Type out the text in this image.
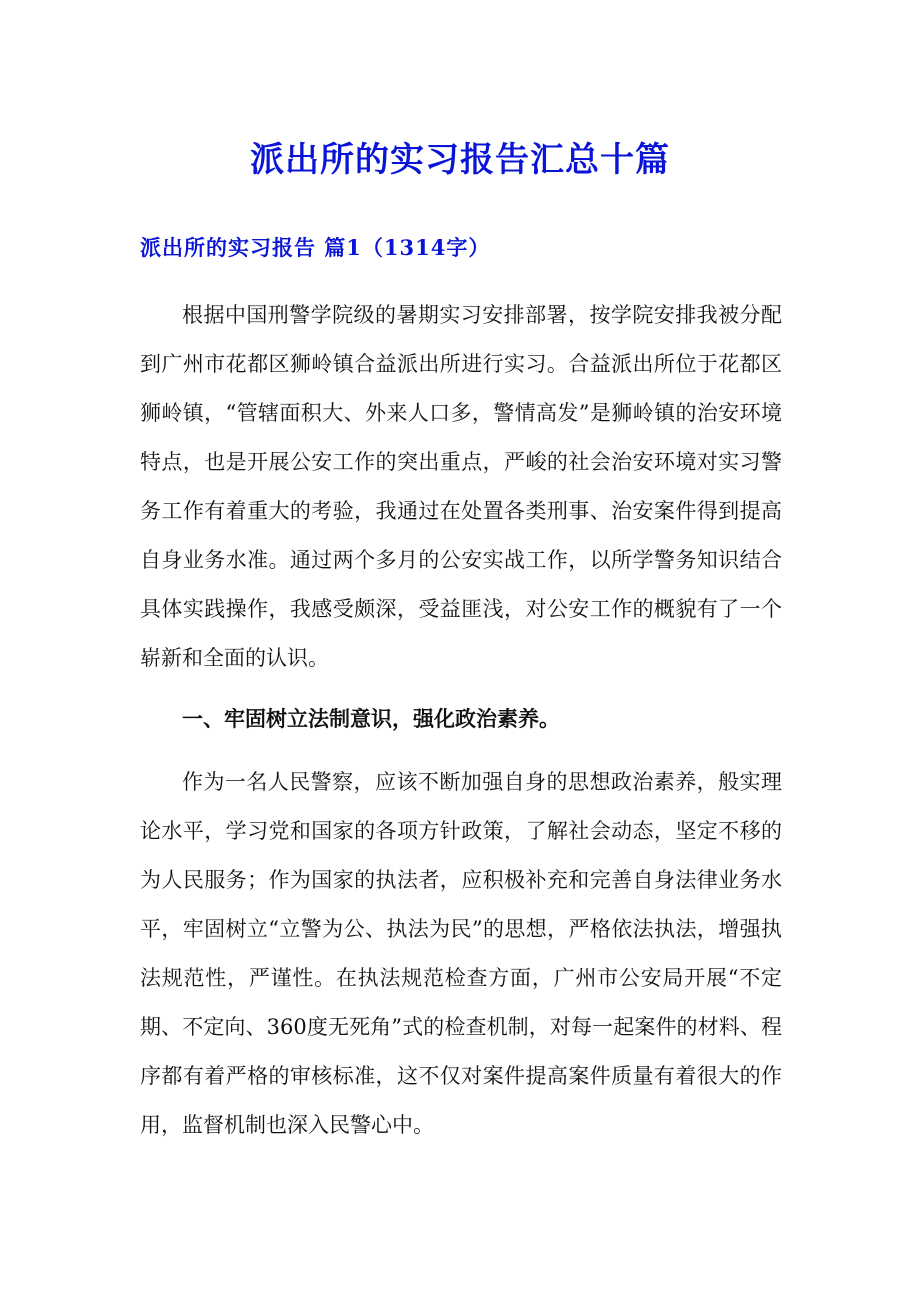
派出所的实习报告汇总十篇
派出所的实习报告 篇1（1314字）

根据中国刑警学院级的暑期实习安排部署，按学院安排我被分配到广州市花都区狮岭镇合益派出所进行实习。合益派出所位于花都区狮岭镇，“管辖面积大、外来人口多，警情高发”是狮岭镇的治安环境特点，也是开展公安工作的突出重点，严峻的社会治安环境对实习警务工作有着重大的考验，我通过在处置各类刑事、治安案件得到提高自身业务水准。通过两个多月的公安实战工作，以所学警务知识结合具体实践操作，我感受颇深，受益匪浅，对公安工作的概貌有了一个崭新和全面的认识。

一、牢固树立法制意识，强化政治素养。

作为一名人民警察，应该不断加强自身的思想政治素养，般实理论水平，学习党和国家的各项方针政策，了解社会动态，坚定不移的为人民服务；作为国家的执法者，应积极补充和完善自身法律业务水平，牢固树立“立警为公、执法为民”的思想，严格依法执法，增强执法规范性，严谨性。在执法规范检查方面，广州市公安局开展“不定期、不定向、360度无死角”式的检查机制，对每一起案件的材料、程序都有着严格的审核标准，这不仅对案件提高案件质量有着很大的作用，监督机制也深入民警心中。
